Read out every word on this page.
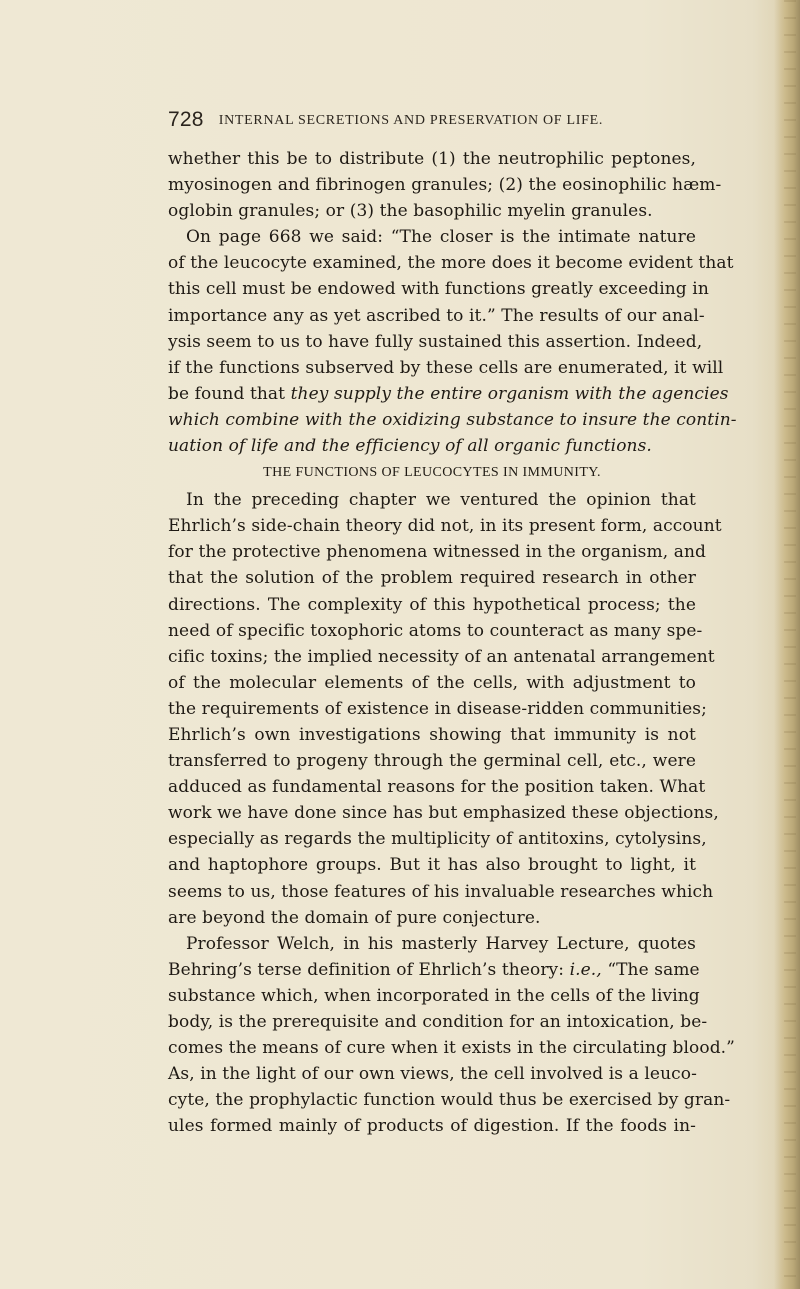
728 INTERNAL SECRETIONS AND PRESERVATION OF LIFE.
whether this be to distribute (1) the neutrophilic peptones,
myosinogen and fibrinogen granules; (2) the eosinophilic hæm-
oglobin granules; or (3) the basophilic myelin granules.
On page 668 we said: “The closer is the intimate nature
of the leucocyte examined, the more does it become evident that
this cell must be endowed with functions greatly exceeding in
importance any as yet ascribed to it.” The results of our anal-
ysis seem to us to have fully sustained this assertion. Indeed,
if the functions subserved by these cells are enumerated, it will
be found that they supply the entire organism with the agencies
which combine with the oxidizing substance to insure the contin-
uation of life and the efficiency of all organic functions.
THE FUNCTIONS OF LEUCOCYTES IN IMMUNITY.
In the preceding chapter we ventured the opinion that
Ehrlich’s side-chain theory did not, in its present form, account
for the protective phenomena witnessed in the organism, and
that the solution of the problem required research in other
directions. The complexity of this hypothetical process; the
need of specific toxophoric atoms to counteract as many spe-
cific toxins; the implied necessity of an antenatal arrangement
of the molecular elements of the cells, with adjustment to
the requirements of existence in disease-ridden communities;
Ehrlich’s own investigations showing that immunity is not
transferred to progeny through the germinal cell, etc., were
adduced as fundamental reasons for the position taken. What
work we have done since has but emphasized these objections,
especially as regards the multiplicity of antitoxins, cytolysins,
and haptophore groups. But it has also brought to light, it
seems to us, those features of his invaluable researches which
are beyond the domain of pure conjecture.
Professor Welch, in his masterly Harvey Lecture, quotes
Behring’s terse definition of Ehrlich’s theory: i.e., “The same
substance which, when incorporated in the cells of the living
body, is the prerequisite and condition for an intoxication, be-
comes the means of cure when it exists in the circulating blood.”
As, in the light of our own views, the cell involved is a leuco-
cyte, the prophylactic function would thus be exercised by gran-
ules formed mainly of products of digestion. If the foods in-
